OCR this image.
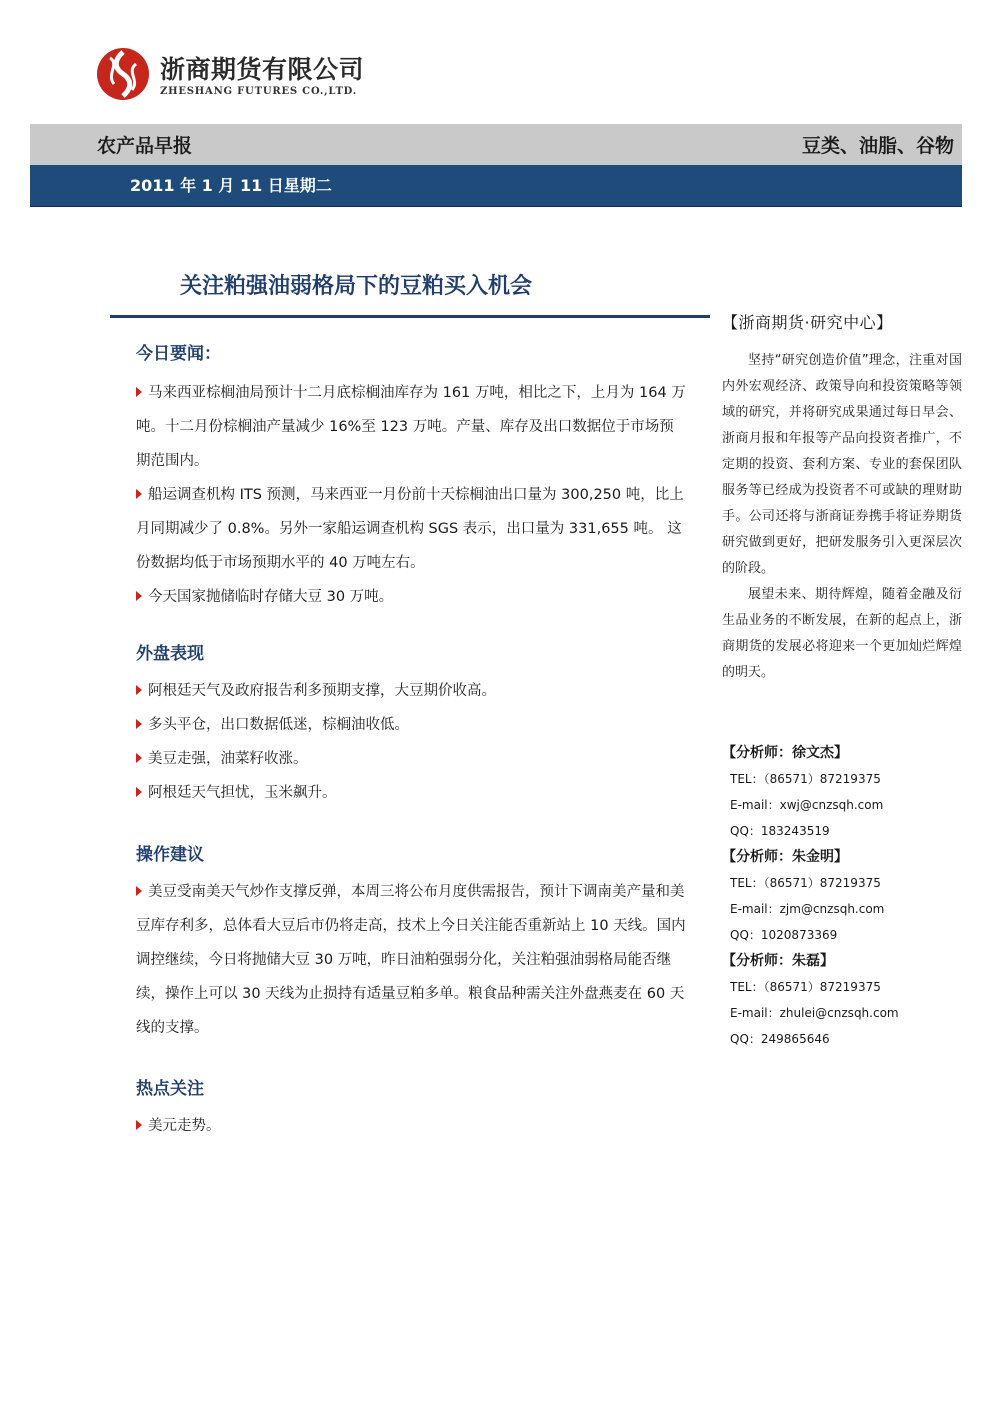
浙商期货有限公司
ZHESHANG FUTURES CO.,LTD.
农产品早报	豆类、油脂、谷物
2011 年 1 月 11 日星期二
关注粕强油弱格局下的豆粕买入机会
今日要闻：

马来西亚棕榈油局预计十二月底棕榈油库存为 161 万吨，相比之下，上月为 164 万吨。十二月份棕榈油产量减少 16%至 123 万吨。产量、库存及出口数据位于市场预期范围内。

船运调查机构 ITS 预测，马来西亚一月份前十天棕榈油出口量为 300,250 吨，比上月同期减少了 0.8%。另外一家船运调查机构 SGS 表示，出口量为 331,655 吨。 这份数据均低于市场预期水平的 40 万吨左右。

今天国家抛储临时存储大豆 30 万吨。

外盘表现

阿根廷天气及政府报告利多预期支撑，大豆期价收高。

多头平仓，出口数据低迷，棕榈油收低。

美豆走强，油菜籽收涨。

阿根廷天气担忧，玉米飙升。

操作建议

美豆受南美天气炒作支撑反弹，本周三将公布月度供需报告，预计下调南美产量和美豆库存利多，总体看大豆后市仍将走高，技术上今日关注能否重新站上 10 天线。国内调控继续，今日将抛储大豆 30 万吨，昨日油粕强弱分化，关注粕强油弱格局能否继续，操作上可以 30 天线为止损持有适量豆粕多单。粮食品种需关注外盘燕麦在 60 天线的支撑。

热点关注

美元走势。

【浙商期货·研究中心】

坚持“研究创造价值”理念，注重对国内外宏观经济、政策导向和投资策略等领域的研究，并将研究成果通过每日早会、浙商月报和年报等产品向投资者推广，不定期的投资、套利方案、专业的套保团队服务等已经成为投资者不可或缺的理财助手。公司还将与浙商证券携手将证券期货研究做到更好，把研发服务引入更深层次的阶段。

展望未来、期待辉煌，随着金融及衍生品业务的不断发展，在新的起点上，浙商期货的发展必将迎来一个更加灿烂辉煌的明天。

【分析师：徐文杰】

TEL：（86571）87219375

E-mail：xwj@cnzsqh.com

QQ：183243519

【分析师：朱金明】

TEL：（86571）87219375

E-mail：zjm@cnzsqh.com

QQ：1020873369

【分析师：朱磊】

TEL：（86571）87219375

E-mail：zhulei@cnzsqh.com

QQ：249865646
